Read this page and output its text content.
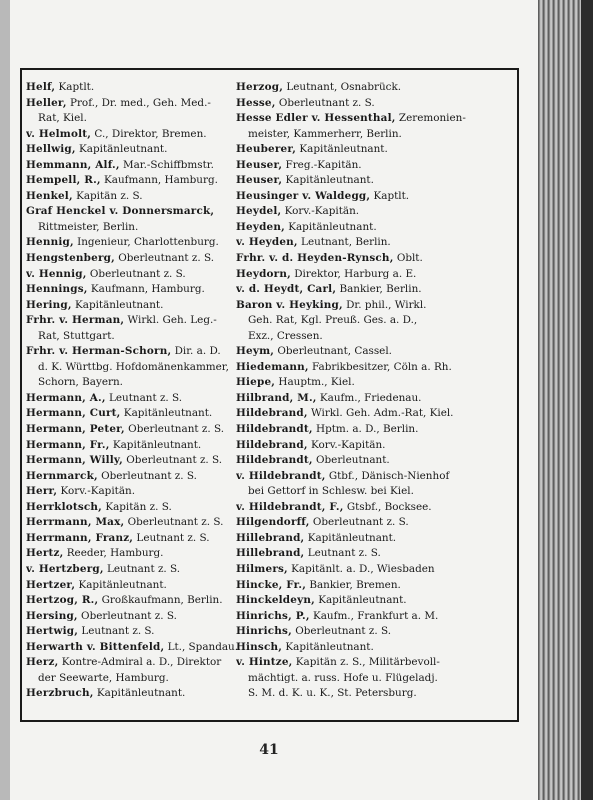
Helf, Kaptlt.
Heller, Prof., Dr. med., Geh. Med.-
Rat, Kiel.
v. Helmolt, C., Direktor, Bremen.
Hellwig, Kapitänleutnant.
Hemmann, Alf., Mar.-Schiffbmstr.
Hempell, R., Kaufmann, Hamburg.
Henkel, Kapitän z. S.
Graf Henckel v. Donnersmarck,
Rittmeister, Berlin.
Hennig, Ingenieur, Charlottenburg.
Hengstenberg, Oberleutnant z. S.
v. Hennig, Oberleutnant z. S.
Hennings, Kaufmann, Hamburg.
Hering, Kapitänleutnant.
Frhr. v. Herman, Wirkl. Geh. Leg.-
Rat, Stuttgart.
Frhr. v. Herman-Schorn, Dir. a. D.
d. K. Württbg. Hofdomänenkammer,
Schorn, Bayern.
Hermann, A., Leutnant z. S.
Hermann, Curt, Kapitänleutnant.
Hermann, Peter, Oberleutnant z. S.
Hermann, Fr., Kapitänleutnant.
Hermann, Willy, Oberleutnant z. S.
Hernmarck, Oberleutnant z. S.
Herr, Korv.-Kapitän.
Herrklotsch, Kapitän z. S.
Herrmann, Max, Oberleutnant z. S.
Herrmann, Franz, Leutnant z. S.
Hertz, Reeder, Hamburg.
v. Hertzberg, Leutnant z. S.
Hertzer, Kapitänleutnant.
Hertzog, R., Großkaufmann, Berlin.
Hersing, Oberleutnant z. S.
Hertwig, Leutnant z. S.
Herwarth v. Bittenfeld, Lt., Spandau.
Herz, Kontre-Admiral a. D., Direktor
der Seewarte, Hamburg.
Herzbruch, Kapitänleutnant.
Herzog, Leutnant, Osnabrück.
Hesse, Oberleutnant z. S.
Hesse Edler v. Hessenthal, Zeremonien-
meister, Kammerherr, Berlin.
Heuberer, Kapitänleutnant.
Heuser, Freg.-Kapitän.
Heuser, Kapitänleutnant.
Heusinger v. Waldegg, Kaptlt.
Heydel, Korv.-Kapitän.
Heyden, Kapitänleutnant.
v. Heyden, Leutnant, Berlin.
Frhr. v. d. Heyden-Rynsch, Oblt.
Heydorn, Direktor, Harburg a. E.
v. d. Heydt, Carl, Bankier, Berlin.
Baron v. Heyking, Dr. phil., Wirkl.
Geh. Rat, Kgl. Preuß. Ges. a. D.,
Exz., Cressen.
Heym, Oberleutnant, Cassel.
Hiedemann, Fabrikbesitzer, Cöln a. Rh.
Hiepe, Hauptm., Kiel.
Hilbrand, M., Kaufm., Friedenau.
Hildebrand, Wirkl. Geh. Adm.-Rat, Kiel.
Hildebrandt, Hptm. a. D., Berlin.
Hildebrand, Korv.-Kapitän.
Hildebrandt, Oberleutnant.
v. Hildebrandt, Gtbf., Dänisch-Nienhof
bei Gettorf in Schlesw. bei Kiel.
v. Hildebrandt, F., Gtsbf., Bocksee.
Hilgendorff, Oberleutnant z. S.
Hillebrand, Kapitänleutnant.
Hillebrand, Leutnant z. S.
Hilmers, Kapitänlt. a. D., Wiesbaden
Hincke, Fr., Bankier, Bremen.
Hinckeldeyn, Kapitänleutnant.
Hinrichs, P., Kaufm., Frankfurt a. M.
Hinrichs, Oberleutnant z. S.
Hinsch, Kapitänleutnant.
v. Hintze, Kapitän z. S., Militärbevoll-
mächtigt. a. russ. Hofe u. Flügeladj.
S. M. d. K. u. K., St. Petersburg.
41
